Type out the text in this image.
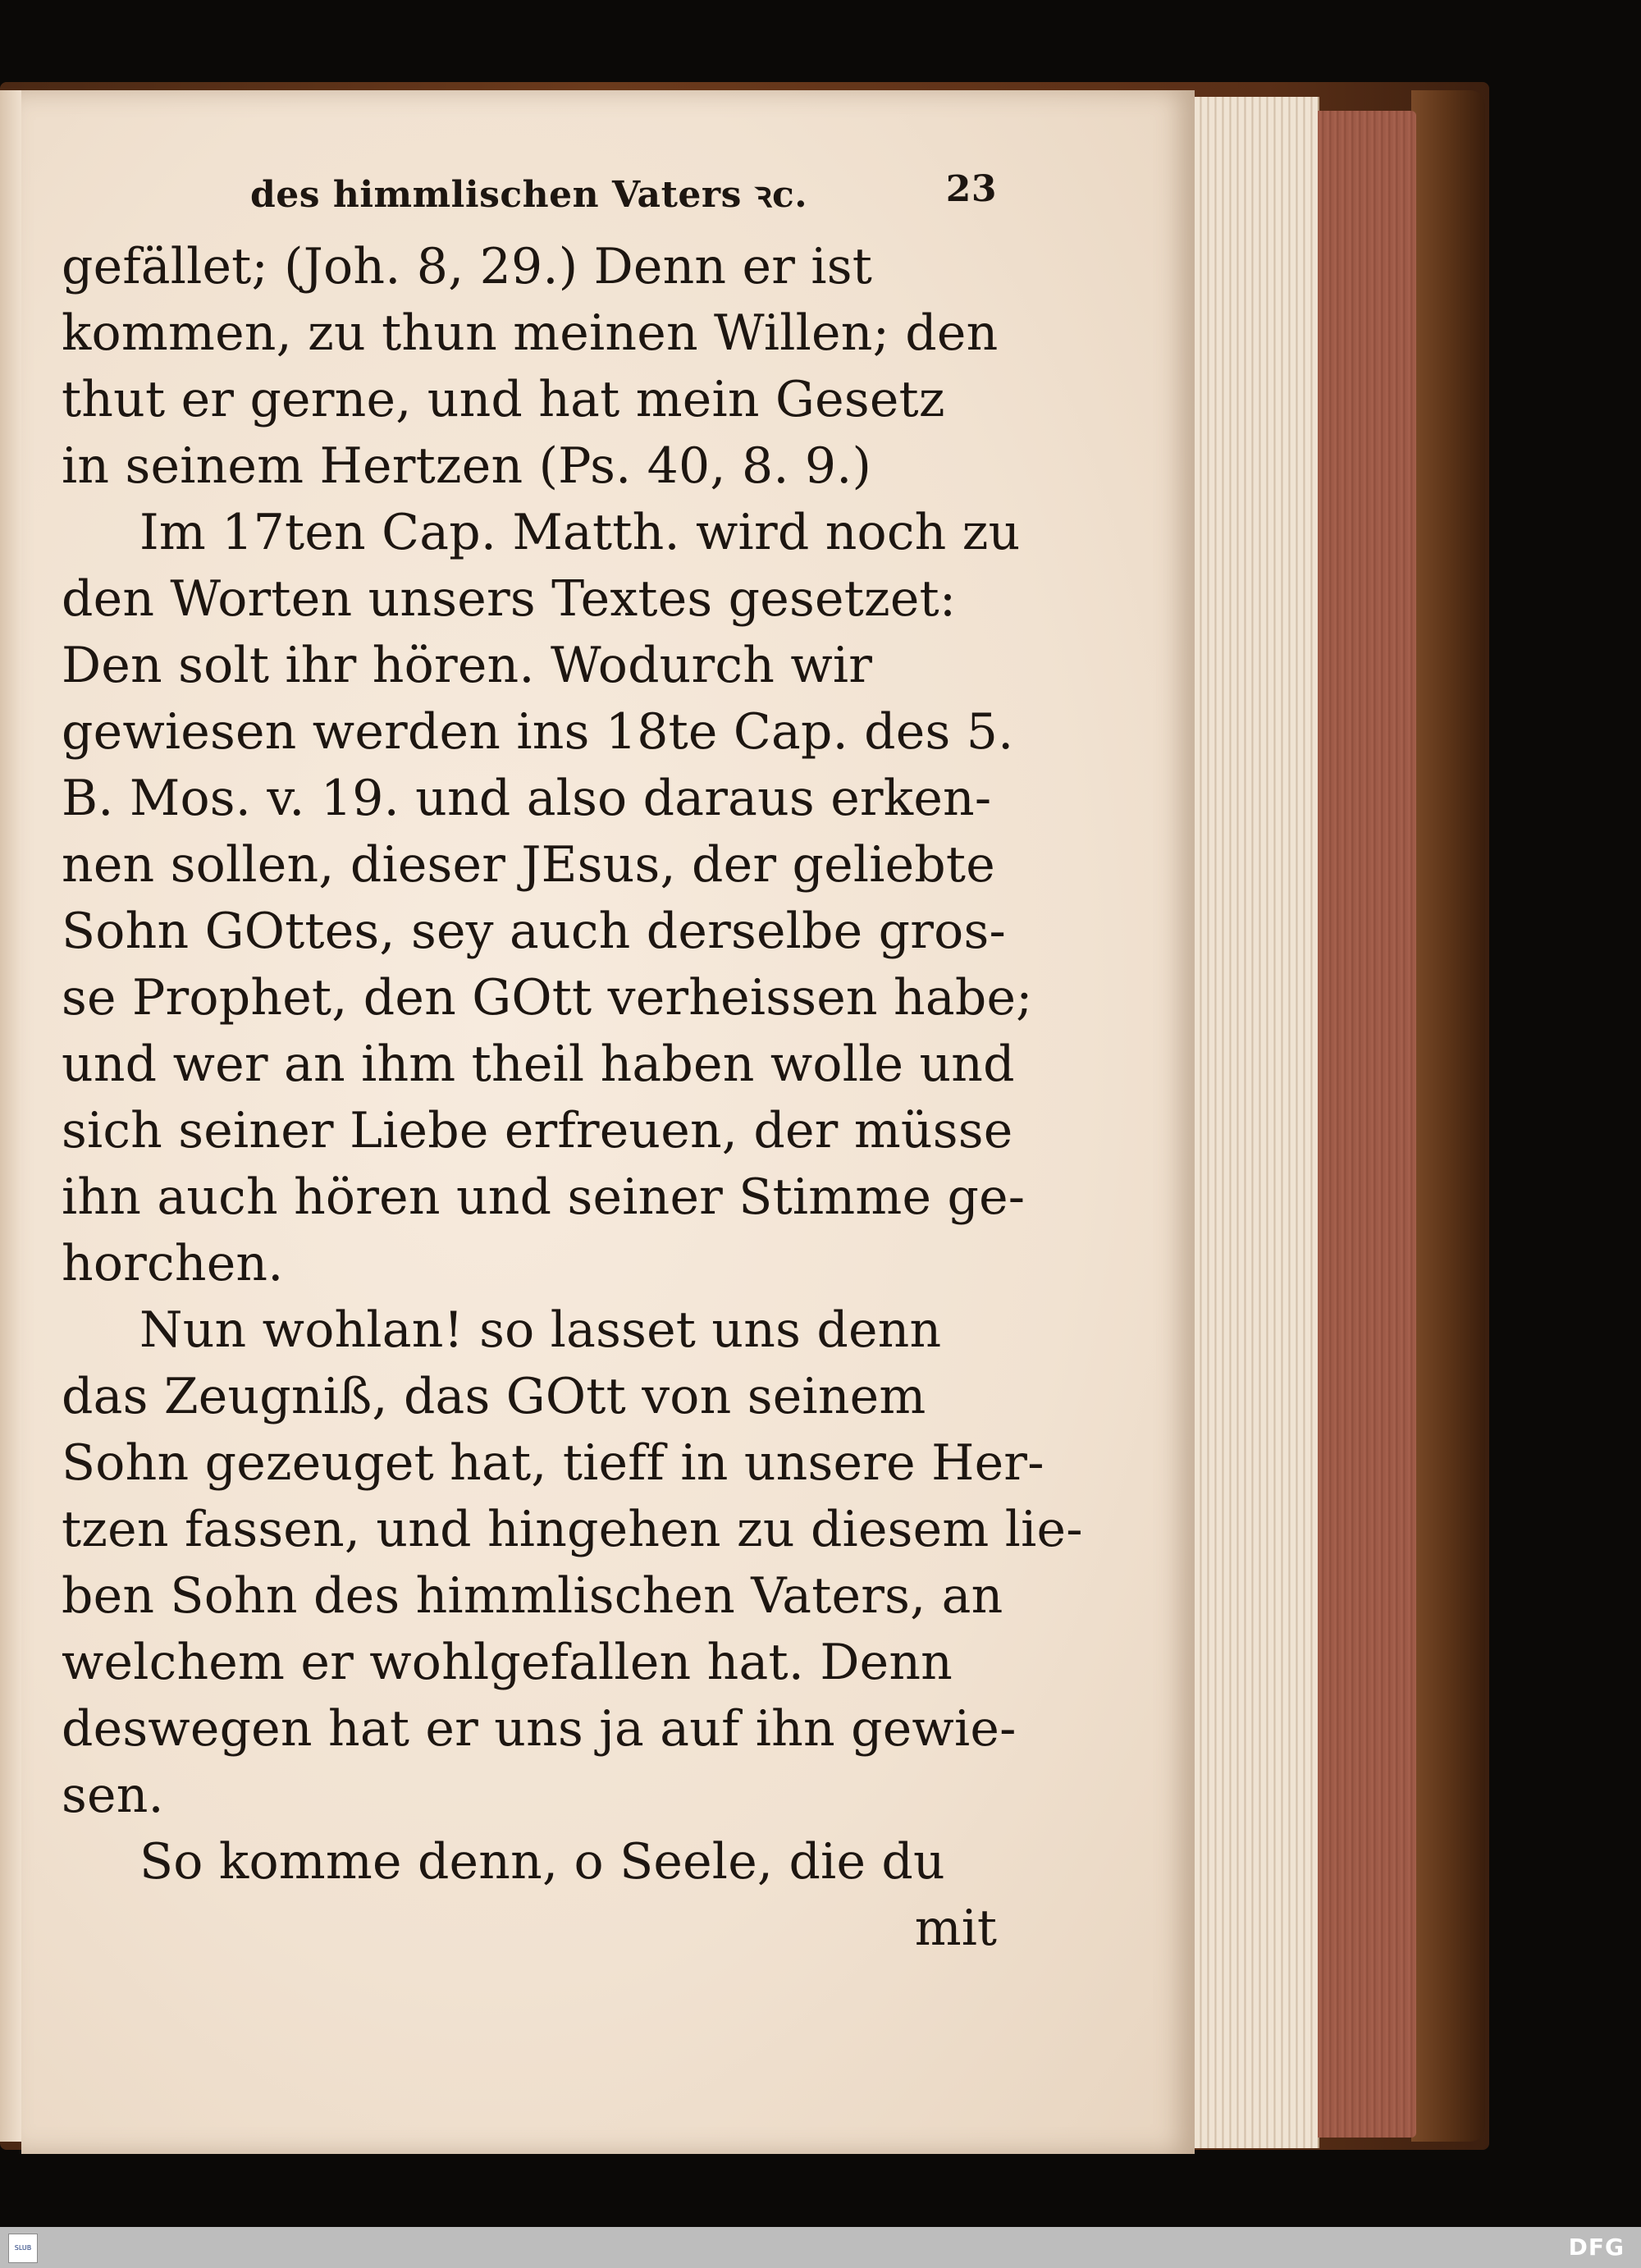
des himmlischen Vaters ꝛc.	23
gefället; (Joh. 8, 29.) Denn er ist
kommen, zu thun meinen Willen; den
thut er gerne, und hat mein Gesetz
in seinem Hertzen (Ps. 40, 8. 9.)
Im 17ten Cap. Matth. wird noch zu
den Worten unsers Textes gesetzet:
Den solt ihr hören. Wodurch wir
gewiesen werden ins 18te Cap. des 5.
B. Mos. v. 19. und also daraus erken-
nen sollen, dieser JEsus, der geliebte
Sohn GOttes, sey auch derselbe gros-
se Prophet, den GOtt verheissen habe;
und wer an ihm theil haben wolle und
sich seiner Liebe erfreuen, der müsse
ihn auch hören und seiner Stimme ge-
horchen.
Nun wohlan! so lasset uns denn
das Zeugniß, das GOtt von seinem
Sohn gezeuget hat, tieff in unsere Her-
tzen fassen, und hingehen zu diesem lie-
ben Sohn des himmlischen Vaters, an
welchem er wohlgefallen hat. Denn
deswegen hat er uns ja auf ihn gewie-
sen.
So komme denn, o Seele, die du
mit
SLUB	DFG
